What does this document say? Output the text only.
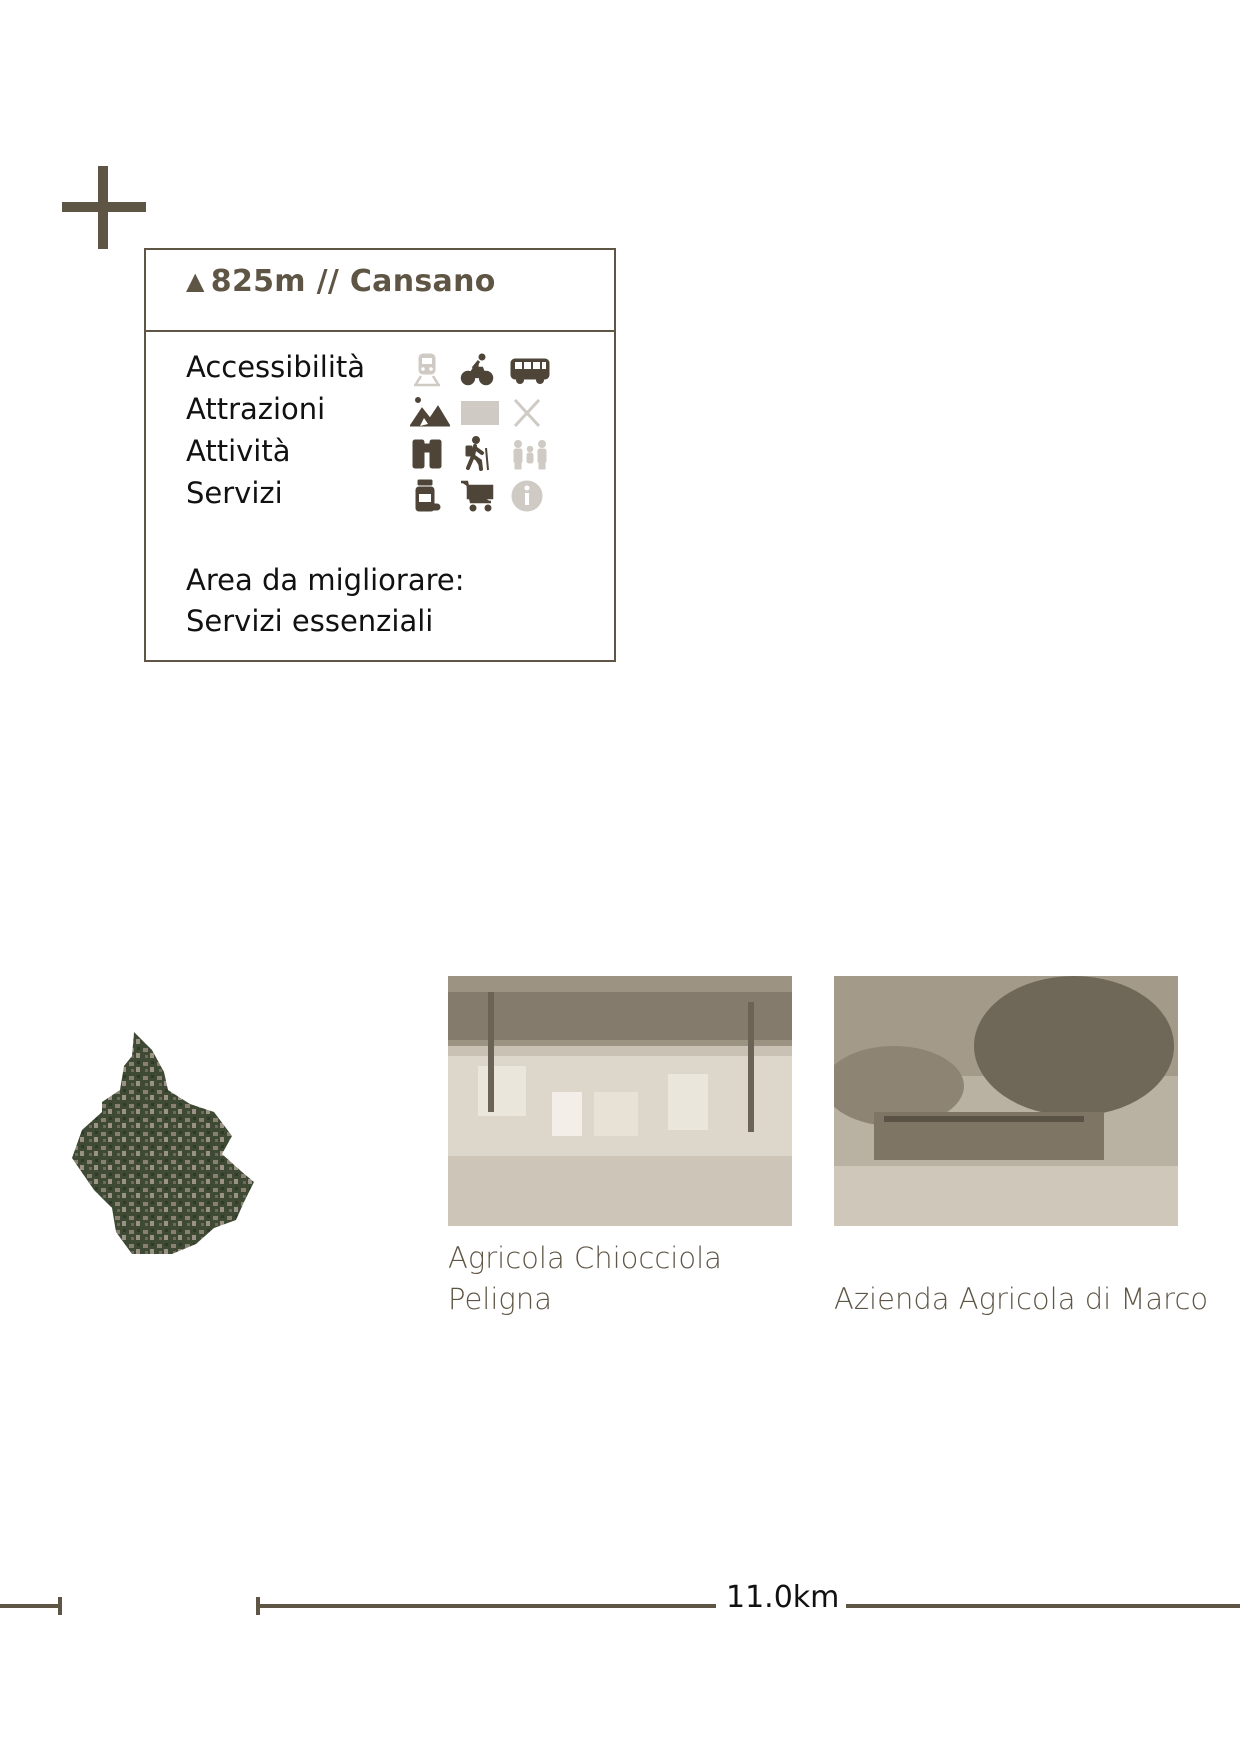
▲ 825m // Cansano
Accessibilità
Attrazioni
Attività
Servizi
Area da migliorare:
Servizi essenziali
Agricola Chiocciola Peligna	Azienda Agricola di Marco
11.0km
